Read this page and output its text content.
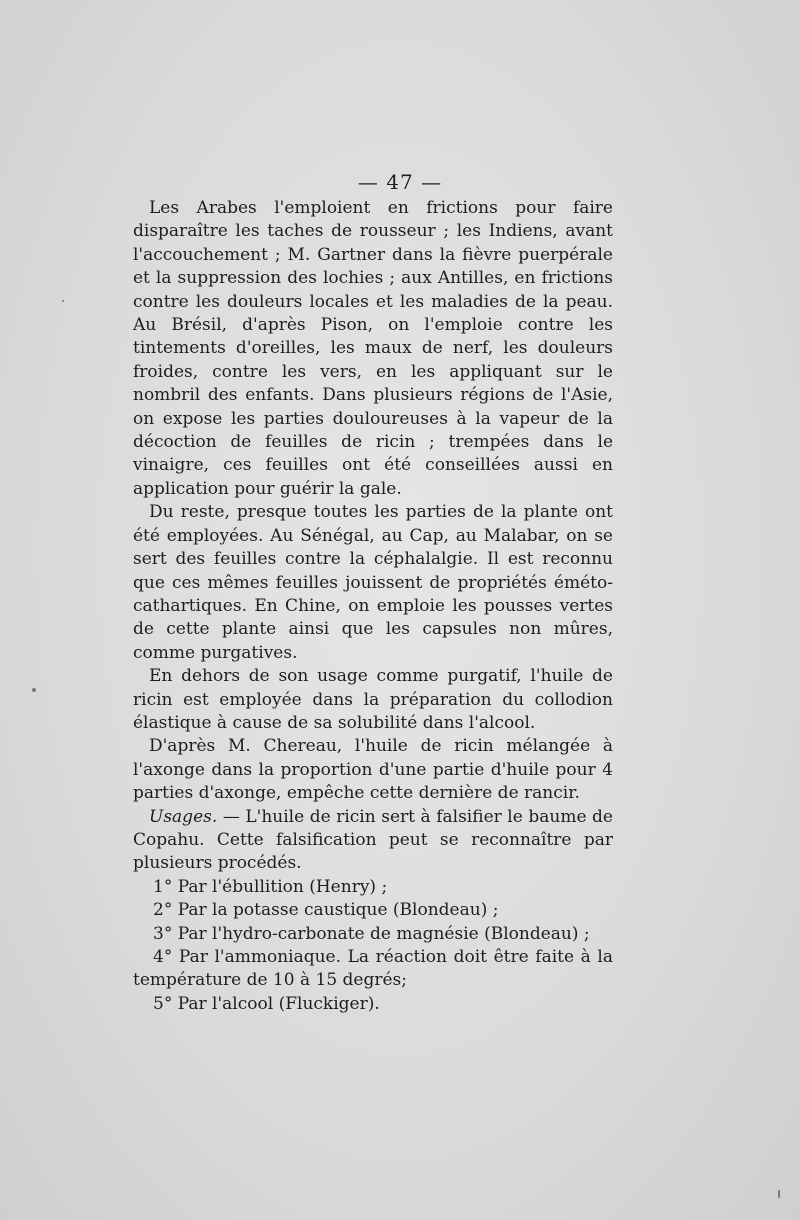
— 47 —

Les Arabes l'emploient en frictions pour faire disparaître les taches de rousseur ; les Indiens, avant l'accouchement ; M. Gartner dans la fièvre puerpérale et la suppression des lochies ; aux Antilles, en frictions contre les douleurs locales et les maladies de la peau. Au Brésil, d'après Pison, on l'emploie contre les tintements d'oreilles, les maux de nerf, les douleurs froides, contre les vers, en les appliquant sur le nombril des enfants. Dans plusieurs régions de l'Asie, on expose les parties douloureuses à la vapeur de la décoction de feuilles de ricin ; trempées dans le vinaigre, ces feuilles ont été conseillées aussi en application pour guérir la gale.

Du reste, presque toutes les parties de la plante ont été employées. Au Sénégal, au Cap, au Malabar, on se sert des feuilles contre la céphalalgie. Il est reconnu que ces mêmes feuilles jouissent de propriétés éméto-cathartiques. En Chine, on emploie les pousses vertes de cette plante ainsi que les capsules non mûres, comme purgatives.

En dehors de son usage comme purgatif, l'huile de ricin est employée dans la préparation du collodion élastique à cause de sa solubilité dans l'alcool.

D'après M. Chereau, l'huile de ricin mélangée à l'axonge dans la proportion d'une partie d'huile pour 4 parties d'axonge, empêche cette dernière de rancir.

Usages. — L'huile de ricin sert à falsifier le baume de Copahu. Cette falsification peut se reconnaître par plusieurs procédés.

1° Par l'ébullition (Henry) ;

2° Par la potasse caustique (Blondeau) ;

3° Par l'hydro-carbonate de magnésie (Blondeau) ;

4° Par l'ammoniaque. La réaction doit être faite à la température de 10 à 15 degrés;

5° Par l'alcool (Fluckiger).
